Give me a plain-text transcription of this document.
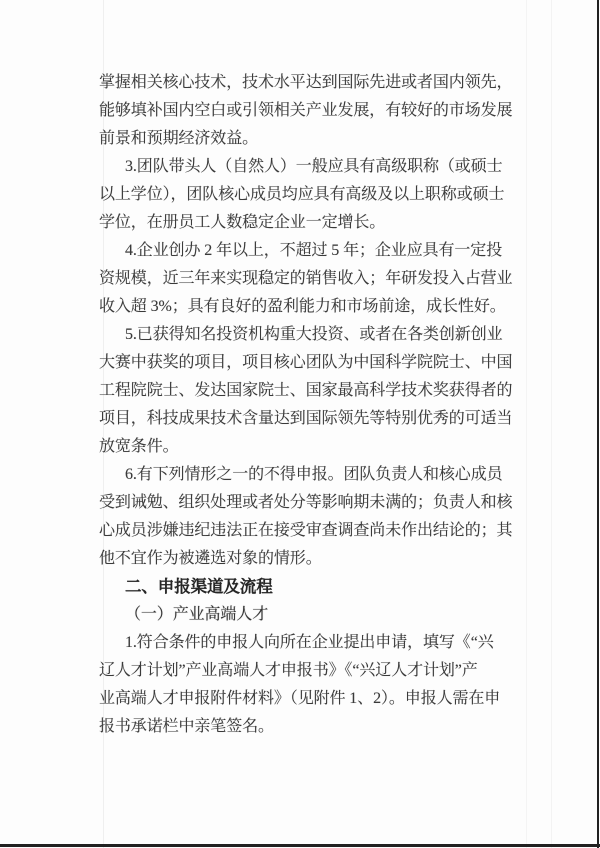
掌握相关核心技术，技术水平达到国际先进或者国内领先，
能够填补国内空白或引领相关产业发展，有较好的市场发展
前景和预期经济效益。
3.团队带头人（自然人）一般应具有高级职称（或硕士
以上学位），团队核心成员均应具有高级及以上职称或硕士
学位，在册员工人数稳定企业一定增长。
4.企业创办 2 年以上，不超过 5 年；企业应具有一定投
资规模，近三年来实现稳定的销售收入；年研发投入占营业
收入超 3%；具有良好的盈利能力和市场前途，成长性好。
5.已获得知名投资机构重大投资、或者在各类创新创业
大赛中获奖的项目，项目核心团队为中国科学院院士、中国
工程院院士、发达国家院士、国家最高科学技术奖获得者的
项目，科技成果技术含量达到国际领先等特别优秀的可适当
放宽条件。
6.有下列情形之一的不得申报。团队负责人和核心成员
受到诫勉、组织处理或者处分等影响期未满的；负责人和核
心成员涉嫌违纪违法正在接受审查调查尚未作出结论的；其
他不宜作为被遴选对象的情形。
二、申报渠道及流程
（一）产业高端人才
1.符合条件的申报人向所在企业提出申请，填写《“兴
辽人才计划”产业高端人才申报书》《“兴辽人才计划”产
业高端人才申报附件材料》（见附件 1、2）。申报人需在申
报书承诺栏中亲笔签名。
